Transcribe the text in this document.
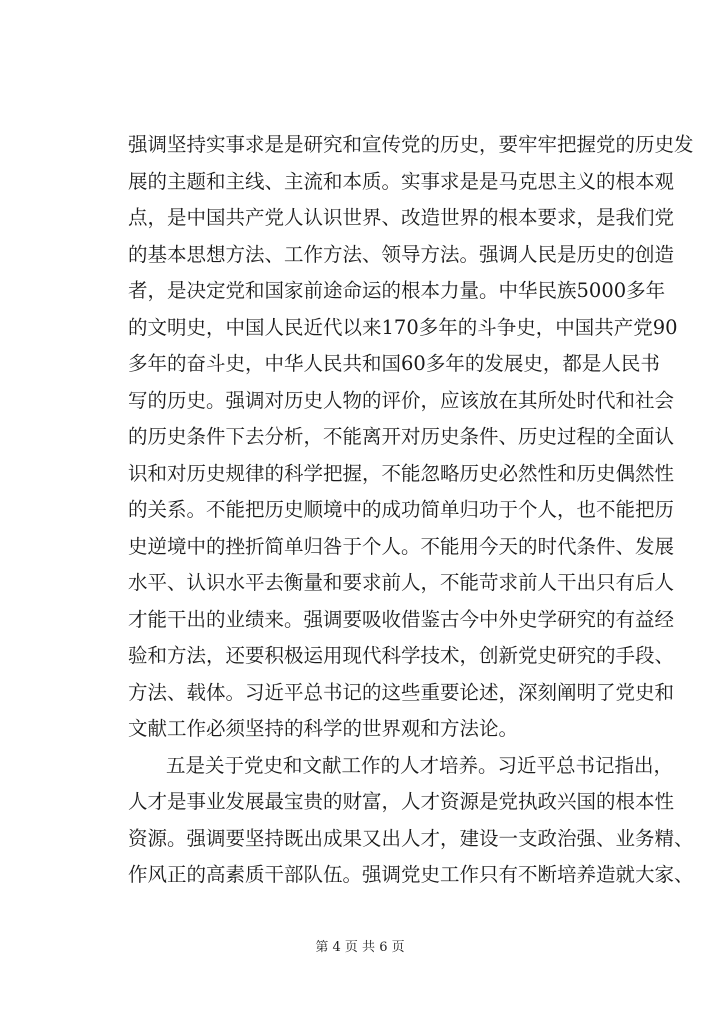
强调坚持实事求是是研究和宣传党的历史，要牢牢把握党的历史发
展的主题和主线、主流和本质。实事求是是马克思主义的根本观
点，是中国共产党人认识世界、改造世界的根本要求，是我们党
的基本思想方法、工作方法、领导方法。强调人民是历史的创造
者，是决定党和国家前途命运的根本力量。中华民族5000多年
的文明史，中国人民近代以来170多年的斗争史，中国共产党90
多年的奋斗史，中华人民共和国60多年的发展史，都是人民书
写的历史。强调对历史人物的评价，应该放在其所处时代和社会
的历史条件下去分析，不能离开对历史条件、历史过程的全面认
识和对历史规律的科学把握，不能忽略历史必然性和历史偶然性
的关系。不能把历史顺境中的成功简单归功于个人，也不能把历
史逆境中的挫折简单归咎于个人。不能用今天的时代条件、发展
水平、认识水平去衡量和要求前人，不能苛求前人干出只有后人
才能干出的业绩来。强调要吸收借鉴古今中外史学研究的有益经
验和方法，还要积极运用现代科学技术，创新党史研究的手段、
方法、载体。习近平总书记的这些重要论述，深刻阐明了党史和
文献工作必须坚持的科学的世界观和方法论。
五是关于党史和文献工作的人才培养。习近平总书记指出，
人才是事业发展最宝贵的财富，人才资源是党执政兴国的根本性
资源。强调要坚持既出成果又出人才，建设一支政治强、业务精、
作风正的高素质干部队伍。强调党史工作只有不断培养造就大家、
第 4 页 共 6 页
